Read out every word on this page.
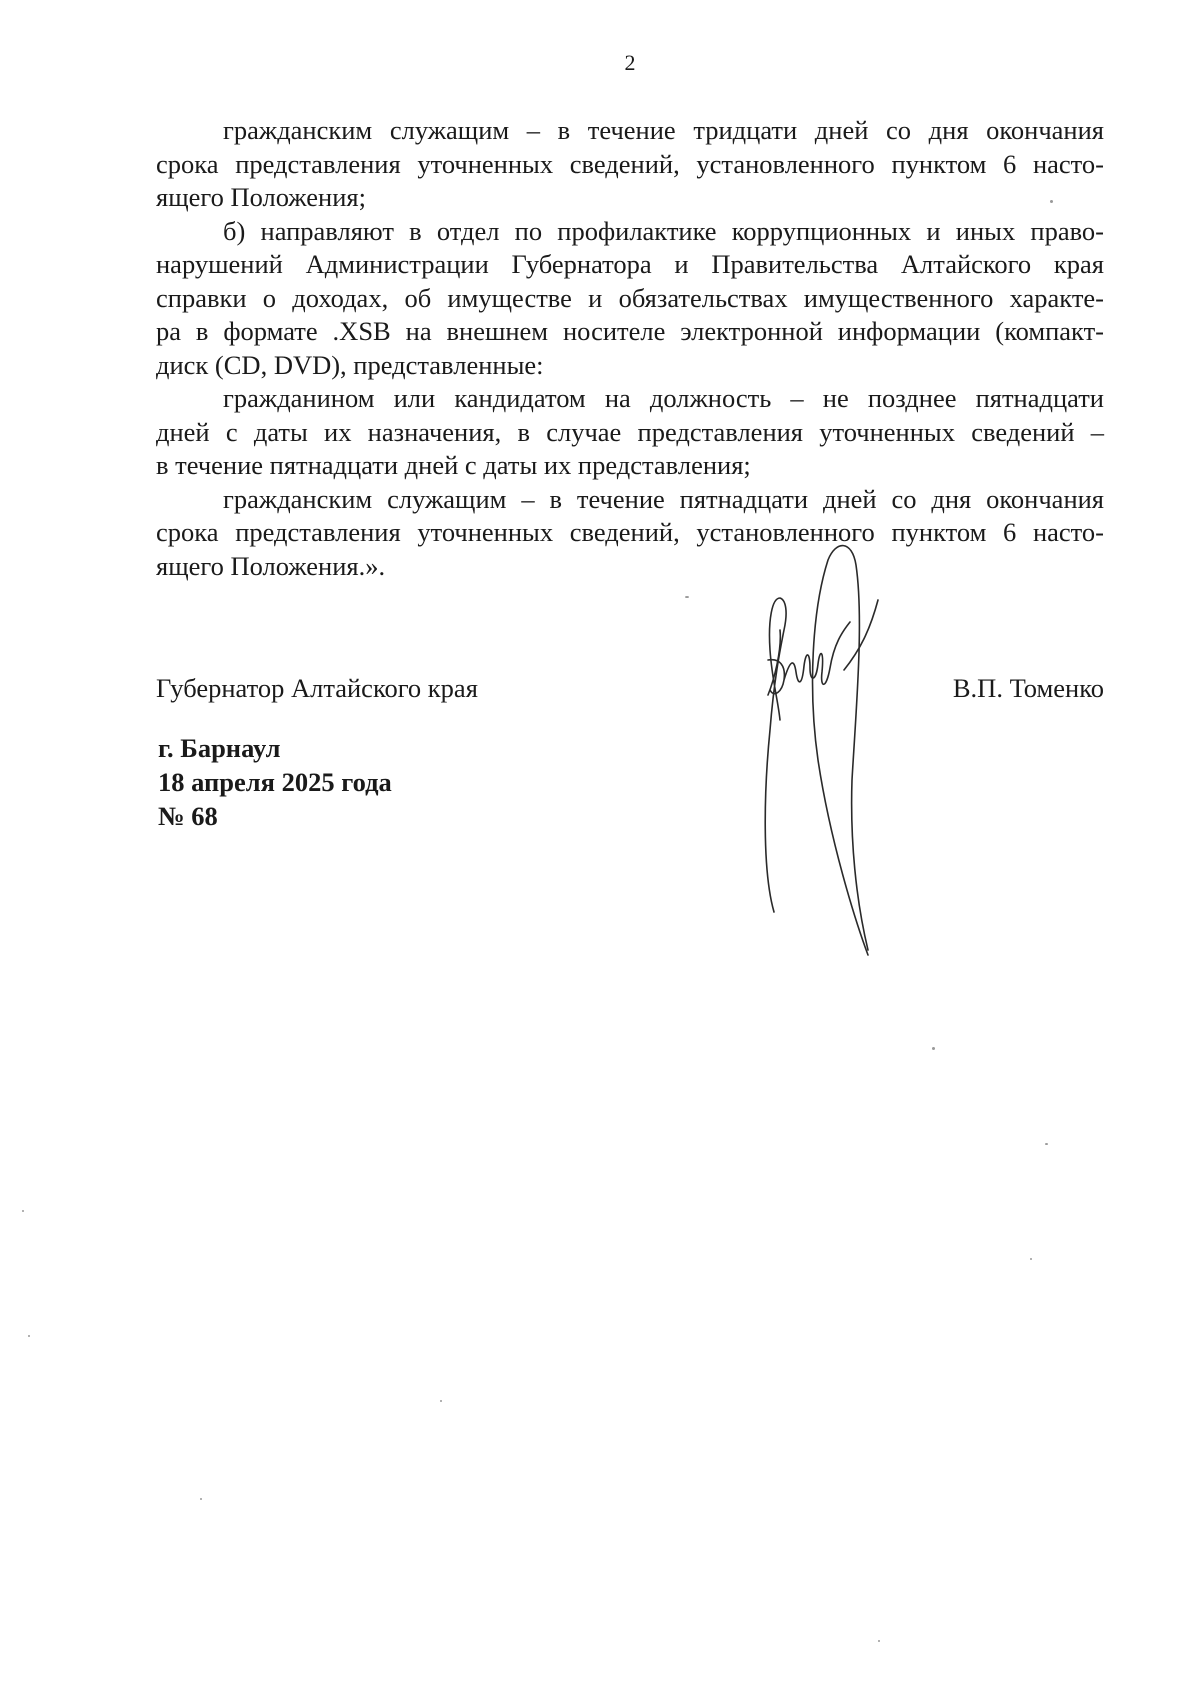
2
гражданским служащим – в течение тридцати дней со дня окончания
срока представления уточненных сведений, установленного пунктом 6 насто-
ящего Положения;
б) направляют в отдел по профилактике коррупционных и иных право-
нарушений Администрации Губернатора и Правительства Алтайского края
справки о доходах, об имуществе и обязательствах имущественного характе-
ра в формате .XSB на внешнем носителе электронной информации (компакт-
диск (CD, DVD), представленные:
гражданином или кандидатом на должность – не позднее пятнадцати
дней с даты их назначения, в случае представления уточненных сведений –
в течение пятнадцати дней с даты их представления;
гражданским служащим – в течение пятнадцати дней со дня окончания
срока представления уточненных сведений, установленного пунктом 6 насто-
ящего Положения.».
Губернатор Алтайского края	В.П. Томенко
г. Барнаул
18 апреля 2025 года
№ 68
